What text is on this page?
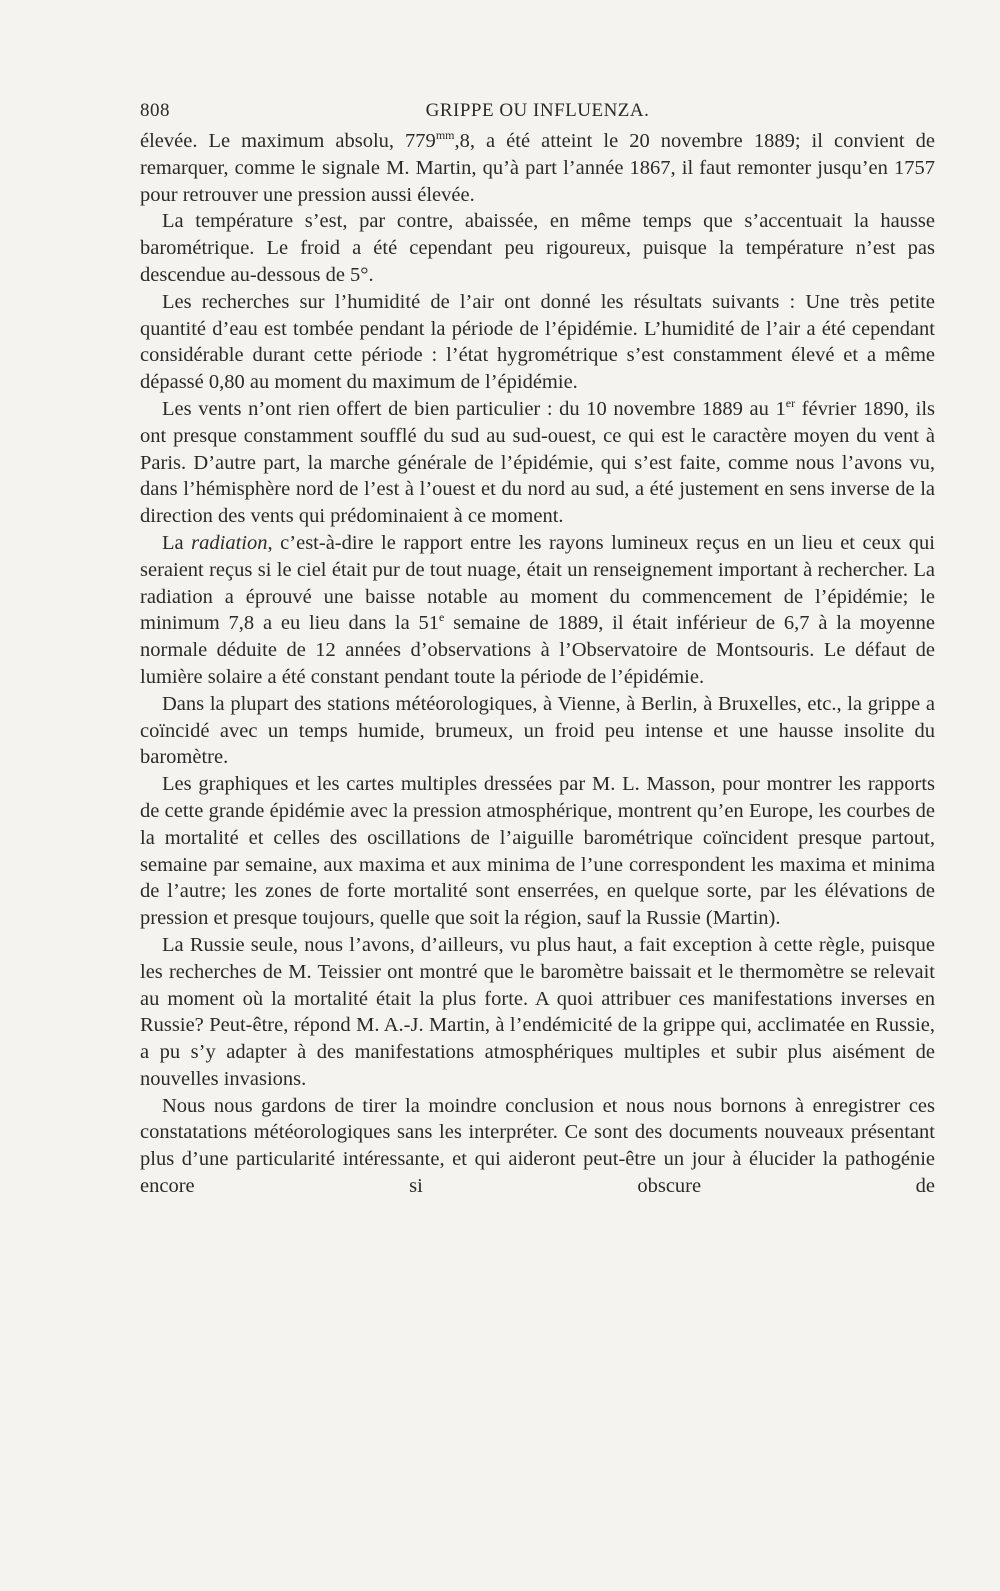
808	GRIPPE OU INFLUENZA.

élevée. Le maximum absolu, $779^{mm},8$, a été atteint le 20 novembre 1889; il convient de remarquer, comme le signale M. Martin, qu’à part l’année 1867, il faut remonter jusqu’en 1757 pour retrouver une pression aussi élevée.

La température s’est, par contre, abaissée, en même temps que s’accentuait la hausse barométrique. Le froid a été cependant peu rigoureux, puisque la température n’est pas descendue au-dessous de 5°.

Les recherches sur l’humidité de l’air ont donné les résultats suivants : Une très petite quantité d’eau est tombée pendant la période de l’épidémie. L’humidité de l’air a été cependant considérable durant cette période : l’état hygrométrique s’est constamment élevé et a même dépassé 0,80 au moment du maximum de l’épidémie.

Les vents n’ont rien offert de bien particulier : du 10 novembre 1889 au 1er février 1890, ils ont presque constamment soufflé du sud au sud-ouest, ce qui est le caractère moyen du vent à Paris. D’autre part, la marche générale de l’épidémie, qui s’est faite, comme nous l’avons vu, dans l’hémisphère nord de l’est à l’ouest et du nord au sud, a été justement en sens inverse de la direction des vents qui prédominaient à ce moment.

La radiation, c’est-à-dire le rapport entre les rayons lumineux reçus en un lieu et ceux qui seraient reçus si le ciel était pur de tout nuage, était un renseignement important à rechercher. La radiation a éprouvé une baisse notable au moment du commencement de l’épidémie; le minimum 7,8 a eu lieu dans la 51e semaine de 1889, il était inférieur de 6,7 à la moyenne normale déduite de 12 années d’observations à l’Observatoire de Montsouris. Le défaut de lumière solaire a été constant pendant toute la période de l’épidémie.

Dans la plupart des stations météorologiques, à Vienne, à Berlin, à Bruxelles, etc., la grippe a coïncidé avec un temps humide, brumeux, un froid peu intense et une hausse insolite du baromètre.

Les graphiques et les cartes multiples dressées par M. L. Masson, pour montrer les rapports de cette grande épidémie avec la pression atmosphérique, montrent qu’en Europe, les courbes de la mortalité et celles des oscillations de l’aiguille barométrique coïncident presque partout, semaine par semaine, aux maxima et aux minima de l’une correspondent les maxima et minima de l’autre; les zones de forte mortalité sont enserrées, en quelque sorte, par les élévations de pression et presque toujours, quelle que soit la région, sauf la Russie (Martin).

La Russie seule, nous l’avons, d’ailleurs, vu plus haut, a fait exception à cette règle, puisque les recherches de M. Teissier ont montré que le baromètre baissait et le thermomètre se relevait au moment où la mortalité était la plus forte. A quoi attribuer ces manifestations inverses en Russie? Peut-être, répond M. A.-J. Martin, à l’endémicité de la grippe qui, acclimatée en Russie, a pu s’y adapter à des manifestations atmosphériques multiples et subir plus aisément de nouvelles invasions.

Nous nous gardons de tirer la moindre conclusion et nous nous bornons à enregistrer ces constatations météorologiques sans les interpréter. Ce sont des documents nouveaux présentant plus d’une particularité intéressante, et qui aideront peut-être un jour à élucider la pathogénie encore si obscure de
